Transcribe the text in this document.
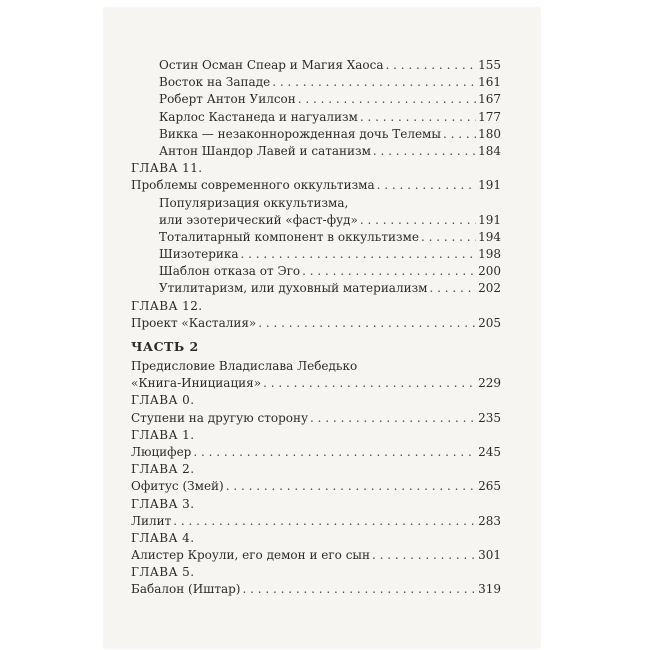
Остин Осман Спеар и Магия Хаоса . . .	155
Восток на Западе . . .	161
Роберт Антон Уилсон . . .	167
Карлос Кастанеда и нагуализм . . .	177
Викка — незаконнорожденная дочь Телемы . . .	180
Антон Шандор Лавей и сатанизм . . .	184
ГЛАВА 11.
Проблемы современного оккультизма . . .	191
Популяризация оккультизма,
или эзотерический «фаст-фуд» . . .	191
Тоталитарный компонент в оккультизме . . .	194
Шизотерика . . .	198
Шаблон отказа от Эго . . .	200
Утилитаризм, или духовный материализм . . .	202
ГЛАВА 12.
Проект «Касталия» . . .	205
ЧАСТЬ 2
Предисловие Владислава Лебедько
«Книга-Инициация» . . .	229
ГЛАВА 0.
Ступени на другую сторону . . .	235
ГЛАВА 1.
Люцифер . . .	245
ГЛАВА 2.
Офитус (Змей) . . .	265
ГЛАВА 3.
Лилит . . .	283
ГЛАВА 4.
Алистер Кроули, его демон и его сын . . .	301
ГЛАВА 5.
Бабалон (Иштар) . . .	319
